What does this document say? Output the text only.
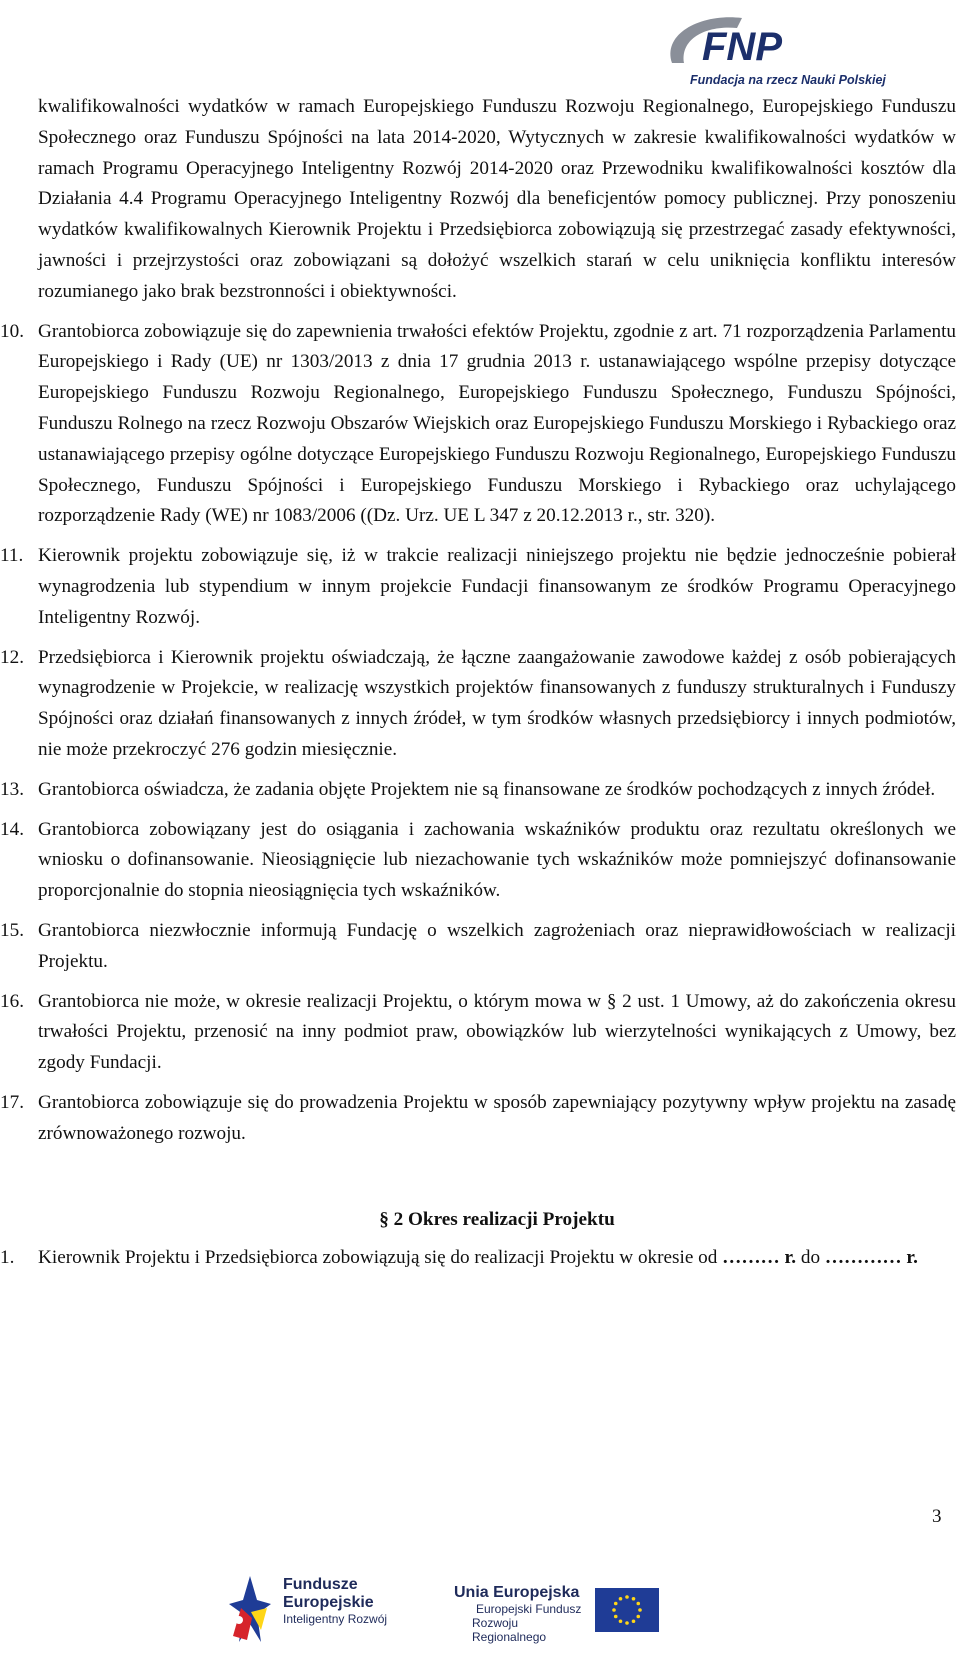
FNP
Fundacja na rzecz Nauki Polskiej

kwalifikowalności wydatków w ramach Europejskiego Funduszu Rozwoju Regionalnego, Europejskiego Funduszu Społecznego oraz Funduszu Spójności na lata 2014-2020, Wytycznych w zakresie kwalifikowalności wydatków w ramach Programu Operacyjnego Inteligentny Rozwój 2014-2020 oraz Przewodniku kwalifikowalności kosztów dla Działania 4.4 Programu Operacyjnego Inteligentny Rozwój dla beneficjentów pomocy publicznej. Przy ponoszeniu wydatków kwalifikowalnych Kierownik Projektu i Przedsiębiorca zobowiązują się przestrzegać zasady efektywności, jawności i przejrzystości oraz zobowiązani są dołożyć wszelkich starań w celu uniknięcia konfliktu interesów rozumianego jako brak bezstronności i obiektywności.

10. Grantobiorca zobowiązuje się do zapewnienia trwałości efektów Projektu, zgodnie z art. 71 rozporządzenia Parlamentu Europejskiego i Rady (UE) nr 1303/2013 z dnia 17 grudnia 2013 r. ustanawiającego wspólne przepisy dotyczące Europejskiego Funduszu Rozwoju Regionalnego, Europejskiego Funduszu Społecznego, Funduszu Spójności, Funduszu Rolnego na rzecz Rozwoju Obszarów Wiejskich oraz Europejskiego Funduszu Morskiego i Rybackiego oraz ustanawiającego przepisy ogólne dotyczące Europejskiego Funduszu Rozwoju Regionalnego, Europejskiego Funduszu Społecznego, Funduszu Spójności i Europejskiego Funduszu Morskiego i Rybackiego oraz uchylającego rozporządzenie Rady (WE) nr 1083/2006 ((Dz. Urz. UE L 347 z 20.12.2013 r., str. 320).
11. Kierownik projektu zobowiązuje się, iż w trakcie realizacji niniejszego projektu nie będzie jednocześnie pobierał wynagrodzenia lub stypendium w innym projekcie Fundacji finansowanym ze środków Programu Operacyjnego Inteligentny Rozwój.
12. Przedsiębiorca i Kierownik projektu oświadczają, że łączne zaangażowanie zawodowe każdej z osób pobierających wynagrodzenie w Projekcie, w realizację wszystkich projektów finansowanych z funduszy strukturalnych i Funduszy Spójności oraz działań finansowanych z innych źródeł, w tym środków własnych przedsiębiorcy i innych podmiotów, nie może przekroczyć 276 godzin miesięcznie.
13. Grantobiorca oświadcza, że zadania objęte Projektem nie są finansowane ze środków pochodzących z innych źródeł.
14. Grantobiorca zobowiązany jest do osiągania i zachowania wskaźników produktu oraz rezultatu określonych we wniosku o dofinansowanie. Nieosiągnięcie lub niezachowanie tych wskaźników może pomniejszyć dofinansowanie proporcjonalnie do stopnia nieosiągnięcia tych wskaźników.
15. Grantobiorca niezwłocznie informują Fundację o wszelkich zagrożeniach oraz nieprawidłowościach w realizacji Projektu.
16. Grantobiorca nie może, w okresie realizacji Projektu, o którym mowa w § 2 ust. 1 Umowy, aż do zakończenia okresu trwałości Projektu, przenosić na inny podmiot praw, obowiązków lub wierzytelności wynikających z Umowy, bez zgody Fundacji.
17. Grantobiorca zobowiązuje się do prowadzenia Projektu w sposób zapewniający pozytywny wpływ projektu na zasadę zrównoważonego rozwoju.
§ 2 Okres realizacji Projektu
1. Kierownik Projektu i Przedsiębiorca zobowiązują się do realizacji Projektu w okresie od ……… r. do ………… r.
3
Fundusze
Europejskie
Inteligentny Rozwój
Unia Europejska
Europejski Fundusz
Rozwoju Regionalnego
